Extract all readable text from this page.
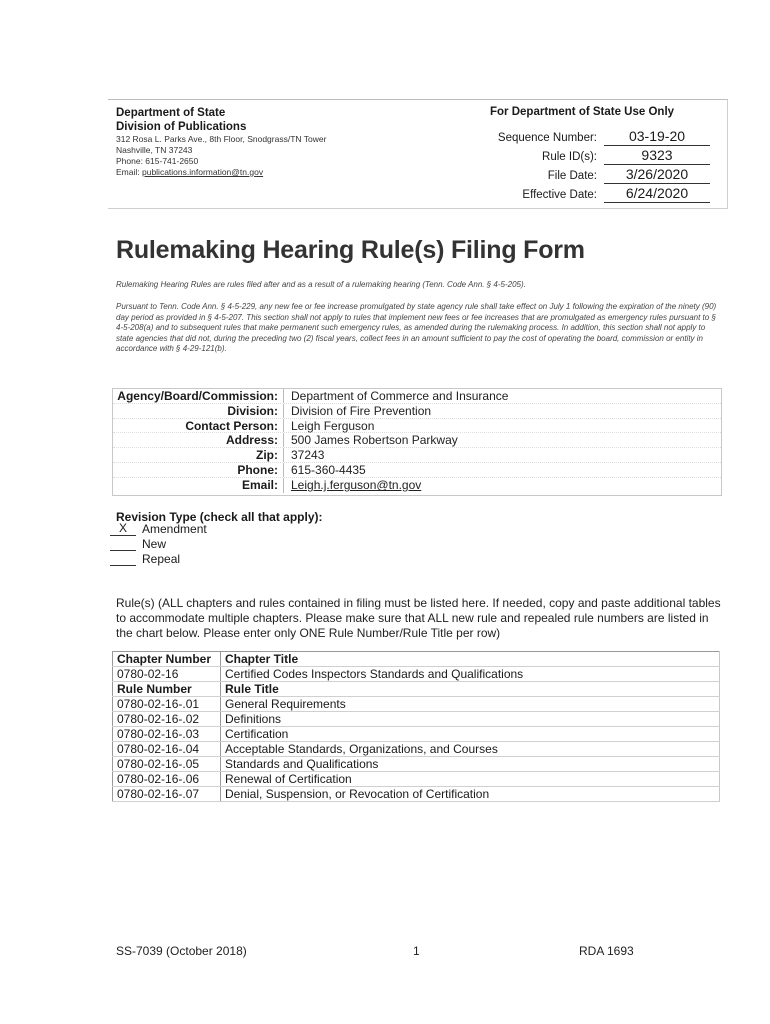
Department of State
Division of Publications
312 Rosa L. Parks Ave., 8th Floor, Snodgrass/TN Tower
Nashville, TN 37243
Phone: 615-741-2650
Email: publications.information@tn.gov
For Department of State Use Only
Sequence Number:	03-19-20
Rule ID(s):	9323
File Date:	3/26/2020
Effective Date:	6/24/2020
Rulemaking Hearing Rule(s) Filing Form
Rulemaking Hearing Rules are rules filed after and as a result of a rulemaking hearing (Tenn. Code Ann. § 4-5-205).
Pursuant to Tenn. Code Ann. § 4-5-229, any new fee or fee increase promulgated by state agency rule shall take effect on July 1 following the expiration of the ninety (90) day period as provided in § 4-5-207. This section shall not apply to rules that implement new fees or fee increases that are promulgated as emergency rules pursuant to § 4-5-208(a) and to subsequent rules that make permanent such emergency rules, as amended during the rulemaking process. In addition, this section shall not apply to state agencies that did not, during the preceding two (2) fiscal years, collect fees in an amount sufficient to pay the cost of operating the board, commission or entity in accordance with § 4-29-121(b).
Agency/Board/Commission:	Department of Commerce and Insurance
Division:	Division of Fire Prevention
Contact Person:	Leigh Ferguson
Address:	500 James Robertson Parkway
Zip:	37243
Phone:	615-360-4435
Email:	Leigh.j.ferguson@tn.gov
Revision Type (check all that apply):
X	Amendment
New
Repeal
Rule(s) (ALL chapters and rules contained in filing must be listed here. If needed, copy and paste additional tables to accommodate multiple chapters. Please make sure that ALL new rule and repealed rule numbers are listed in the chart below. Please enter only ONE Rule Number/Rule Title per row)
Chapter Number	Chapter Title
0780-02-16	Certified Codes Inspectors Standards and Qualifications
Rule Number	Rule Title
0780-02-16-.01	General Requirements
0780-02-16-.02	Definitions
0780-02-16-.03	Certification
0780-02-16-.04	Acceptable Standards, Organizations, and Courses
0780-02-16-.05	Standards and Qualifications
0780-02-16-.06	Renewal of Certification
0780-02-16-.07	Denial, Suspension, or Revocation of Certification
SS-7039 (October 2018)	1	RDA 1693
